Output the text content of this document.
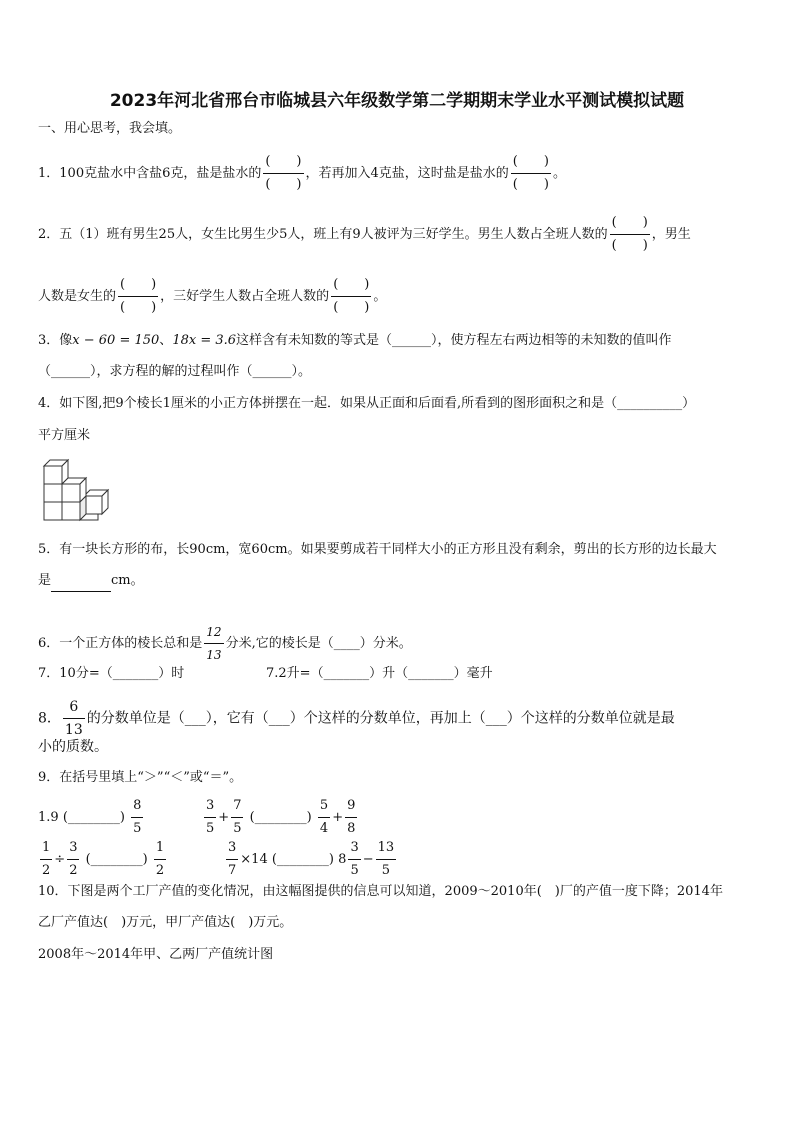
2023年河北省邢台市临城县六年级数学第二学期期末学业水平测试模拟试题
一、用心思考，我会填。
1．100克盐水中含盐6克，盐是盐水的 $\frac{( )}{( )}$ ，若再加入4克盐，这时盐是盐水的 $\frac{( )}{( )}$ 。
2．五（1）班有男生25人，女生比男生少5人，班上有9人被评为三好学生。男生人数占全班人数的 $\frac{( )}{( )}$ ，男生
人数是女生的 $\frac{( )}{( )}$ ，三好学生人数占全班人数的 $\frac{( )}{( )}$ 。
3．像x − 60 = 150、18x = 3.6这样含有未知数的等式是（______），使方程左右两边相等的未知数的值叫作
（______），求方程的解的过程叫作（______）。
4．如下图,把9个棱长1厘米的小正方体拼摆在一起．如果从正面和后面看,所看到的图形面积之和是（__________）
平方厘米
5．有一块长方形的布，长90cm，宽60cm。如果要剪成若干同样大小的正方形且没有剩余，剪出的长方形的边长最大
是	cm。
6．一个正方体的棱长总和是 $\frac{12}{13}$ 分米,它的棱长是（____）分米。
7．10分=（_______）时	7.2升=（_______）升（_______）毫升
8． $\frac{6}{13}$ 的分数单位是（___），它有（___）个这样的分数单位，再加上（___）个这样的分数单位就是最
小的质数。
9．在括号里填上“＞”“＜”或“＝”。
1.9 (________) $\frac{8}{5}$	$\frac{3}{5} + \frac{7}{5}$ (________) $\frac{5}{4} + \frac{9}{8}$
$\frac{1}{2} \div \frac{3}{2}$ (________) $\frac{1}{2}$	$\frac{3}{7} \times 14$ (________) $8 \frac{3}{5} - \frac{13}{5}$
10．下图是两个工厂产值的变化情况，由这幅图提供的信息可以知道，2009～2010年(　)厂的产值一度下降；2014年
乙厂产值达(　)万元，甲厂产值达(　)万元。
2008年～2014年甲、乙两厂产值统计图
